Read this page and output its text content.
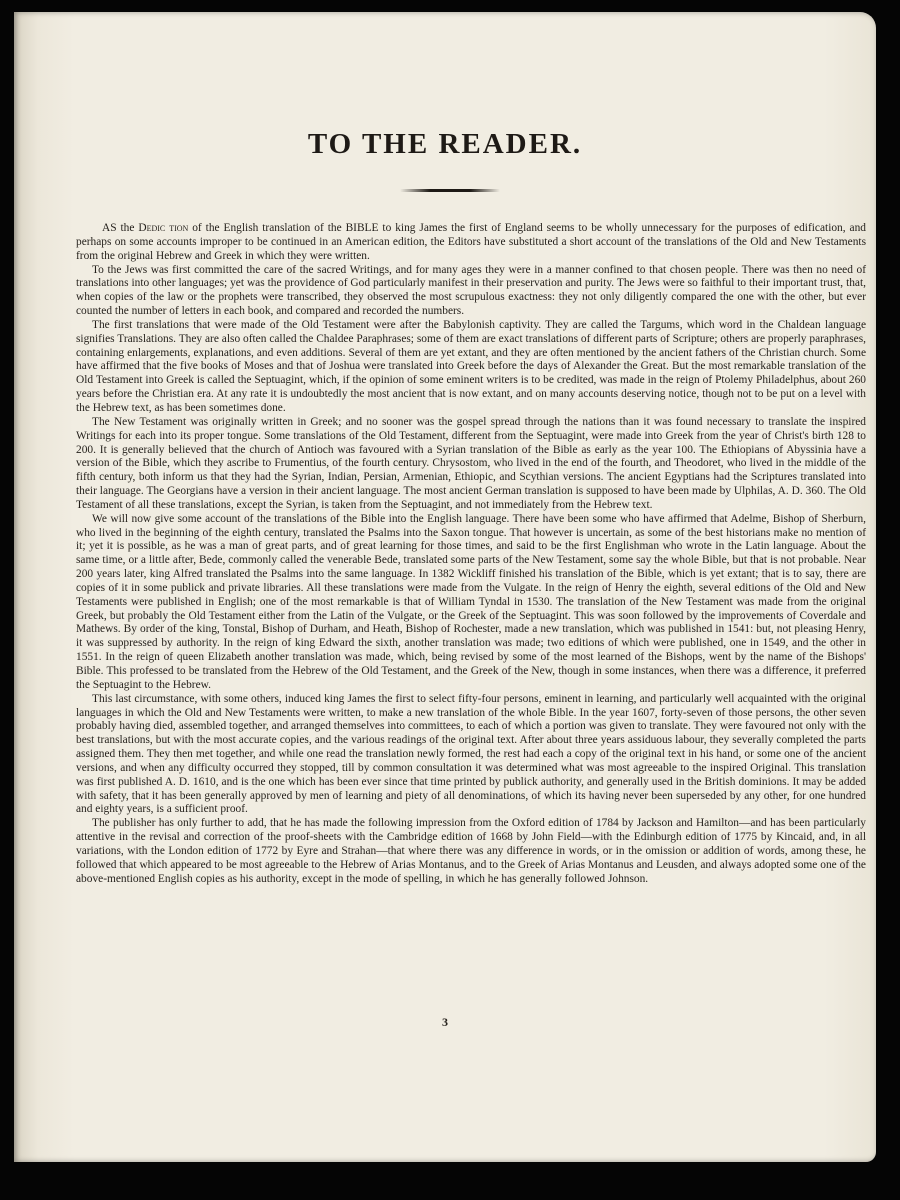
TO THE READER.

AS the Dedic tion of the English translation of the BIBLE to king James the first of England seems to be wholly unnecessary for the purposes of edification, and perhaps on some accounts improper to be continued in an American edition, the Editors have substituted a short account of the translations of the Old and New Testaments from the original Hebrew and Greek in which they were written.

To the Jews was first committed the care of the sacred Writings, and for many ages they were in a manner confined to that chosen people. There was then no need of translations into other languages; yet was the providence of God particularly manifest in their preservation and purity. The Jews were so faithful to their important trust, that, when copies of the law or the prophets were transcribed, they observed the most scrupulous exactness: they not only diligently compared the one with the other, but ever counted the number of letters in each book, and compared and recorded the numbers.

The first translations that were made of the Old Testament were after the Babylonish captivity. They are called the Targums, which word in the Chaldean language signifies Translations. They are also often called the Chaldee Paraphrases; some of them are exact translations of different parts of Scripture; others are properly paraphrases, containing enlargements, explanations, and even additions. Several of them are yet extant, and they are often mentioned by the ancient fathers of the Christian church. Some have affirmed that the five books of Moses and that of Joshua were translated into Greek before the days of Alexander the Great. But the most remarkable translation of the Old Testament into Greek is called the Septuagint, which, if the opinion of some eminent writers is to be credited, was made in the reign of Ptolemy Philadelphus, about 260 years before the Christian era. At any rate it is undoubtedly the most ancient that is now extant, and on many accounts deserving notice, though not to be put on a level with the Hebrew text, as has been sometimes done.

The New Testament was originally written in Greek; and no sooner was the gospel spread through the nations than it was found necessary to translate the inspired Writings for each into its proper tongue. Some translations of the Old Testament, different from the Septuagint, were made into Greek from the year of Christ's birth 128 to 200. It is generally believed that the church of Antioch was favoured with a Syrian translation of the Bible as early as the year 100. The Ethiopians of Abyssinia have a version of the Bible, which they ascribe to Frumentius, of the fourth century. Chrysostom, who lived in the end of the fourth, and Theodoret, who lived in the middle of the fifth century, both inform us that they had the Syrian, Indian, Persian, Armenian, Ethiopic, and Scythian versions. The ancient Egyptians had the Scriptures translated into their language. The Georgians have a version in their ancient language. The most ancient German translation is supposed to have been made by Ulphilas, A. D. 360. The Old Testament of all these translations, except the Syrian, is taken from the Septuagint, and not immediately from the Hebrew text.

We will now give some account of the translations of the Bible into the English language. There have been some who have affirmed that Adelme, Bishop of Sherburn, who lived in the beginning of the eighth century, translated the Psalms into the Saxon tongue. That however is uncertain, as some of the best historians make no mention of it; yet it is possible, as he was a man of great parts, and of great learning for those times, and said to be the first Englishman who wrote in the Latin language. About the same time, or a little after, Bede, commonly called the venerable Bede, translated some parts of the New Testament, some say the whole Bible, but that is not probable. Near 200 years later, king Alfred translated the Psalms into the same language. In 1382 Wickliff finished his translation of the Bible, which is yet extant; that is to say, there are copies of it in some publick and private libraries. All these translations were made from the Vulgate. In the reign of Henry the eighth, several editions of the Old and New Testaments were published in English; one of the most remarkable is that of William Tyndal in 1530. The translation of the New Testament was made from the original Greek, but probably the Old Testament either from the Latin of the Vulgate, or the Greek of the Septuagint. This was soon followed by the improvements of Coverdale and Mathews. By order of the king, Tonstal, Bishop of Durham, and Heath, Bishop of Rochester, made a new translation, which was published in 1541: but, not pleasing Henry, it was suppressed by authority. In the reign of king Edward the sixth, another translation was made; two editions of which were published, one in 1549, and the other in 1551. In the reign of queen Elizabeth another translation was made, which, being revised by some of the most learned of the Bishops, went by the name of the Bishops' Bible. This professed to be translated from the Hebrew of the Old Testament, and the Greek of the New, though in some instances, when there was a difference, it preferred the Septuagint to the Hebrew.

This last circumstance, with some others, induced king James the first to select fifty-four persons, eminent in learning, and particularly well acquainted with the original languages in which the Old and New Testaments were written, to make a new translation of the whole Bible. In the year 1607, forty-seven of those persons, the other seven probably having died, assembled together, and arranged themselves into committees, to each of which a portion was given to translate. They were favoured not only with the best translations, but with the most accurate copies, and the various readings of the original text. After about three years assiduous labour, they severally completed the parts assigned them. They then met together, and while one read the translation newly formed, the rest had each a copy of the original text in his hand, or some one of the ancient versions, and when any difficulty occurred they stopped, till by common consultation it was determined what was most agreeable to the inspired Original. This translation was first published A. D. 1610, and is the one which has been ever since that time printed by publick authority, and generally used in the British dominions. It may be added with safety, that it has been generally approved by men of learning and piety of all denominations, of which its having never been superseded by any other, for one hundred and eighty years, is a sufficient proof.

The publisher has only further to add, that he has made the following impression from the Oxford edition of 1784 by Jackson and Hamilton—and has been particularly attentive in the revisal and correction of the proof-sheets with the Cambridge edition of 1668 by John Field—with the Edinburgh edition of 1775 by Kincaid, and, in all variations, with the London edition of 1772 by Eyre and Strahan—that where there was any difference in words, or in the omission or addition of words, among these, he followed that which appeared to be most agreeable to the Hebrew of Arias Montanus, and to the Greek of Arias Montanus and Leusden, and always adopted some one of the above-mentioned English copies as his authority, except in the mode of spelling, in which he has generally followed Johnson.

3
